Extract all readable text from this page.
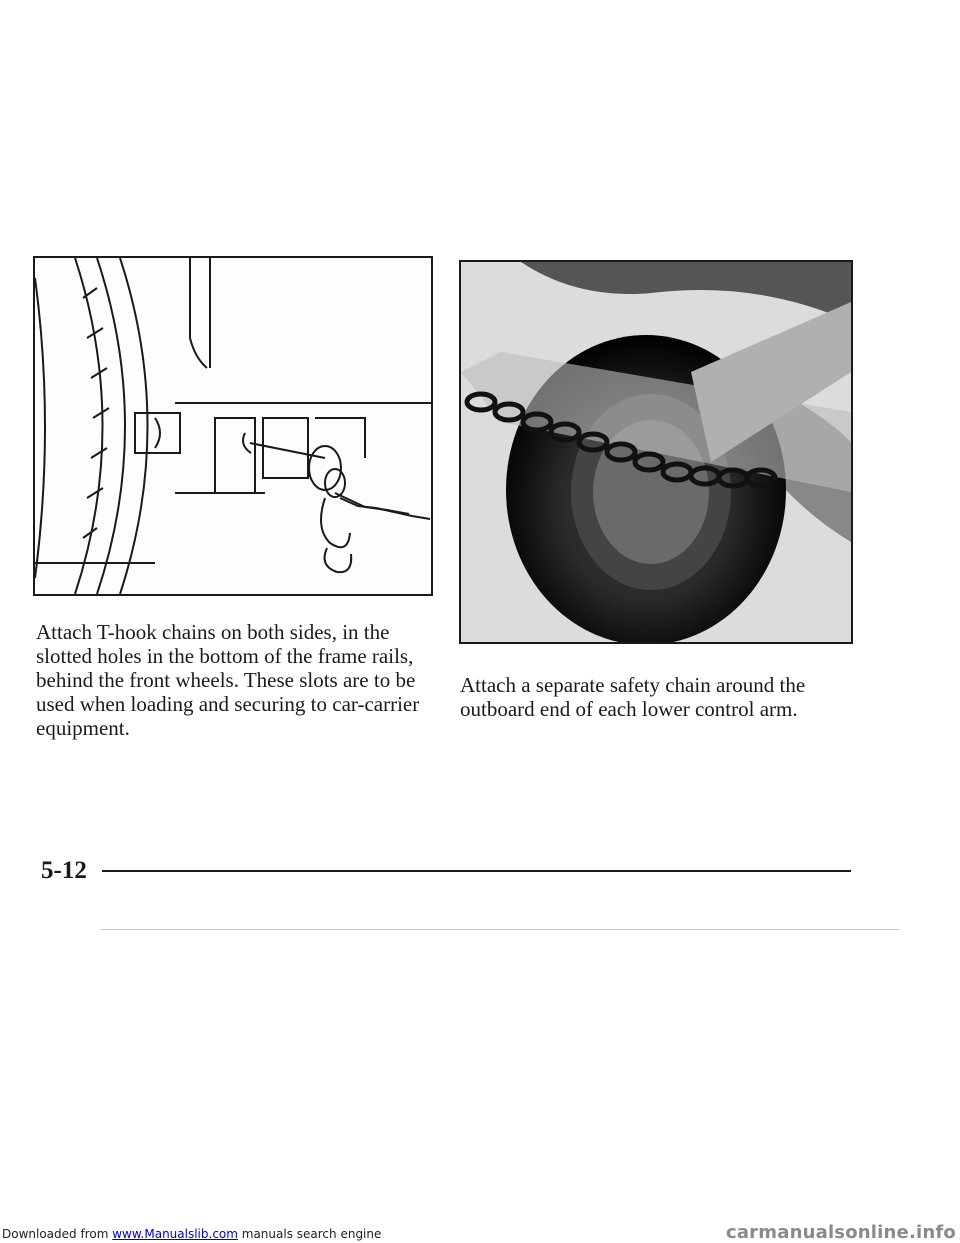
Attach T-hook chains on both sides, in the slotted holes in the bottom of the frame rails, behind the front wheels. These slots are to be used when loading and securing to car-carrier equipment.

Attach a separate safety chain around the outboard end of each lower control arm.

5-12
Downloaded from www.Manualslib.com manuals search engine	carmanualsonline.info
